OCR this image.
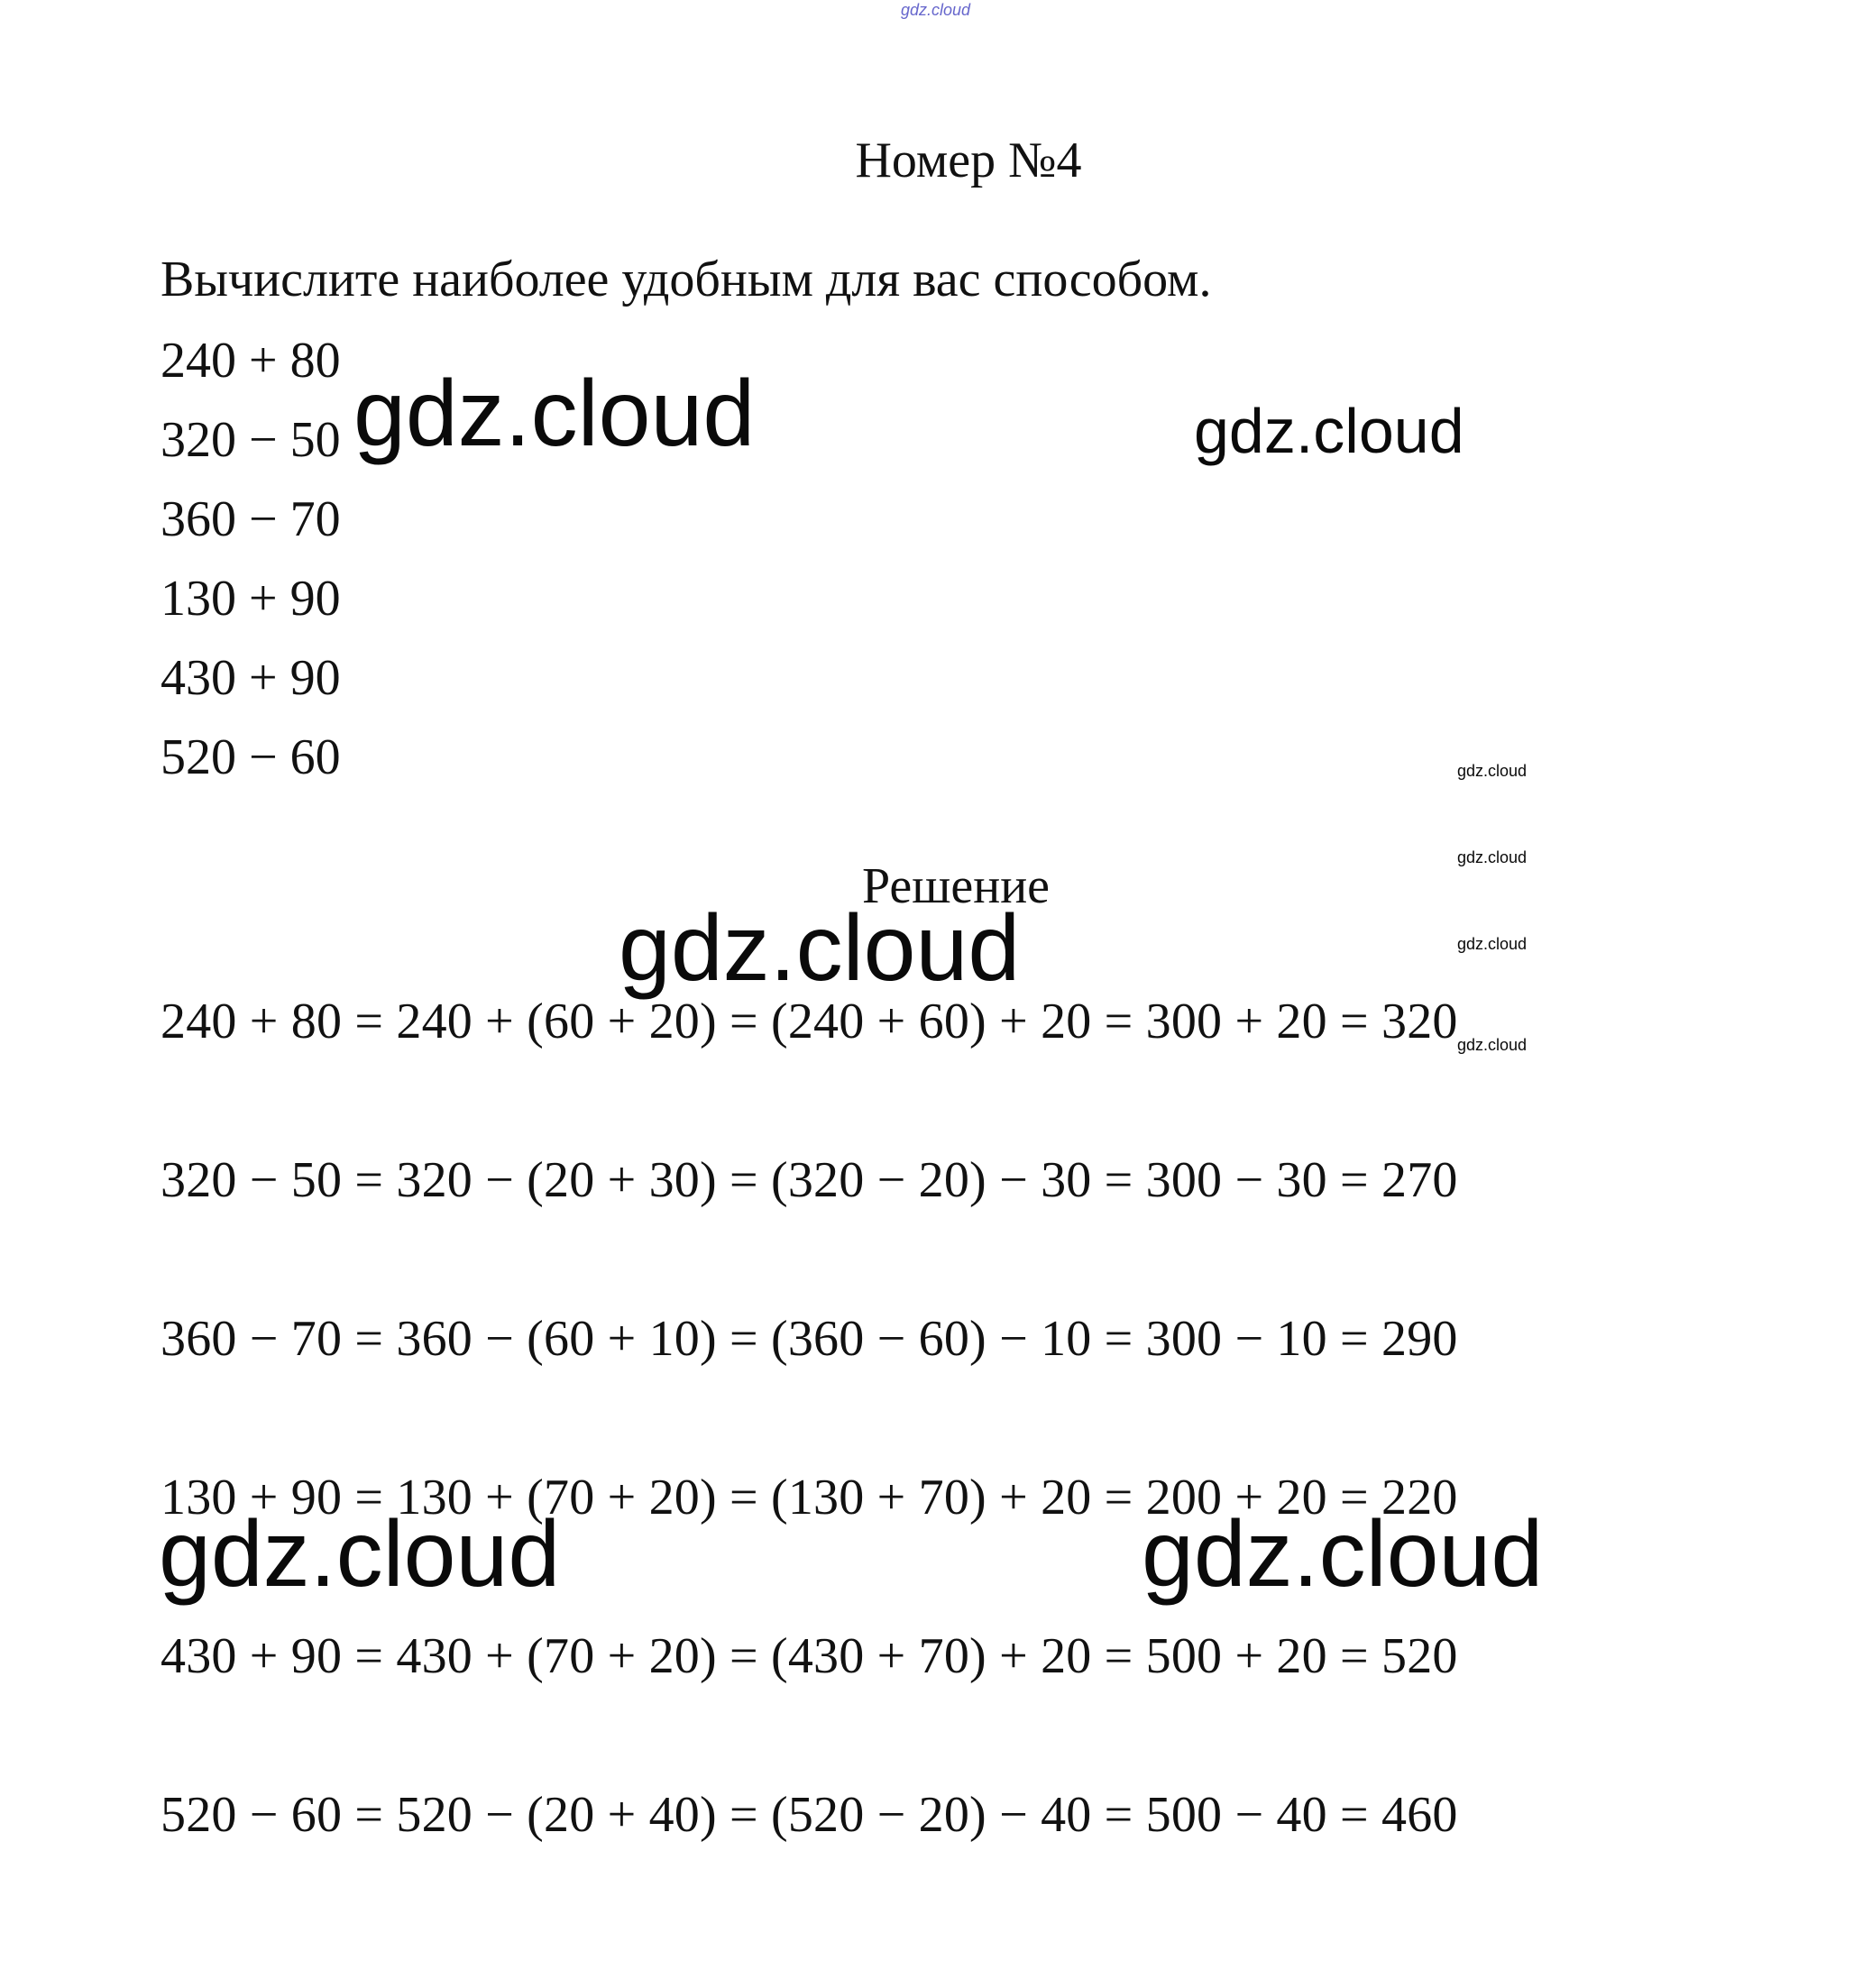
gdz.cloud
Номер №4
Вычислите наиболее удобным для вас способом.
240 + 80
320 − 50
360 − 70
130 + 90
430 + 90
520 − 60
Решение
240 + 80 = 240 + (60 + 20) = (240 + 60) + 20 = 300 + 20 = 320
320 − 50 = 320 − (20 + 30) = (320 − 20) − 30 = 300 − 30 = 270
360 − 70 = 360 − (60 + 10) = (360 − 60) − 10 = 300 − 10 = 290
130 + 90 = 130 + (70 + 20) = (130 + 70) + 20 = 200 + 20 = 220
430 + 90 = 430 + (70 + 20) = (430 + 70) + 20 = 500 + 20 = 520
520 − 60 = 520 − (20 + 40) = (520 − 20) − 40 = 500 − 40 = 460
gdz.cloud	gdz.cloud
gdz.cloud
gdz.cloud	gdz.cloud
gdz.cloud
gdz.cloud
gdz.cloud
gdz.cloud
